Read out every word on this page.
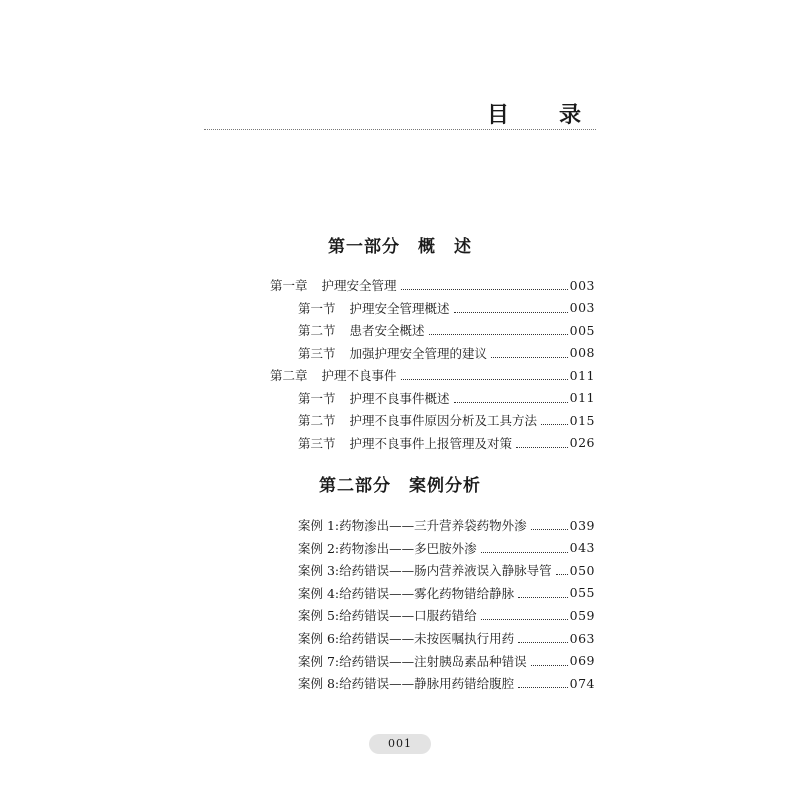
目　录
第一部分　概　述
第一章 护理安全管理	003
第一节 护理安全管理概述	003
第二节 患者安全概述	005
第三节 加强护理安全管理的建议	008
第二章 护理不良事件	011
第一节 护理不良事件概述	011
第二节 护理不良事件原因分析及工具方法	015
第三节 护理不良事件上报管理及对策	026
第二部分　案例分析
案例 1:药物渗出——三升营养袋药物外渗	039
案例 2:药物渗出——多巴胺外渗	043
案例 3:给药错误——肠内营养液误入静脉导管 050
案例 4:给药错误——雾化药物错给静脉	055
案例 5:给药错误——口服药错给	059
案例 6:给药错误——未按医嘱执行用药	063
案例 7:给药错误——注射胰岛素品种错误	069
案例 8:给药错误——静脉用药错给腹腔	074
001
